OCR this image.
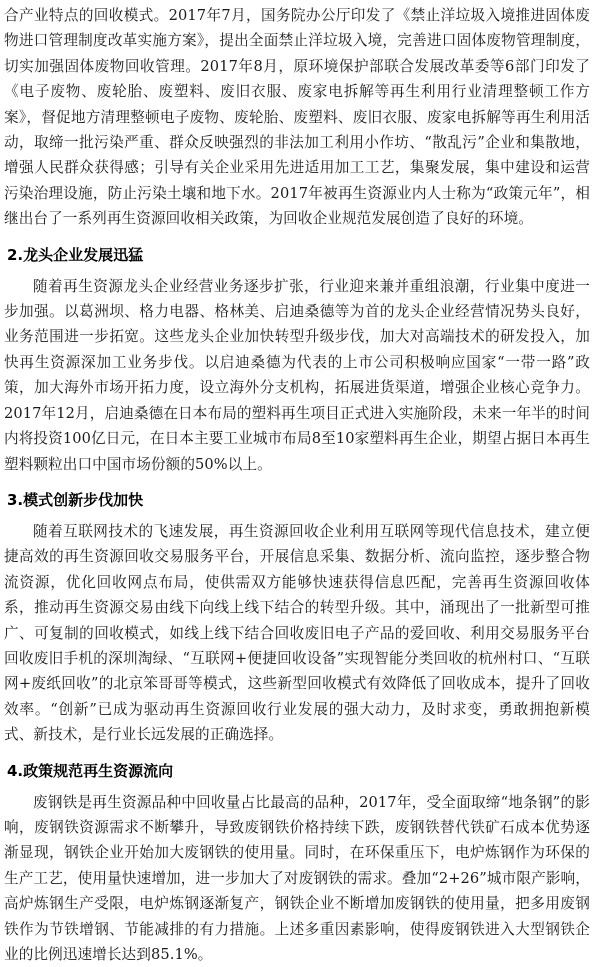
合产业特点的回收模式。2017年7月，国务院办公厅印发了《禁止洋垃圾入境推进固体废物进口管理制度改革实施方案》，提出全面禁止洋垃圾入境，完善进口固体废物管理制度，切实加强固体废物回收管理。2017年8月，原环境保护部联合发展改革委等6部门印发了《电子废物、废轮胎、废塑料、废旧衣服、废家电拆解等再生利用行业清理整顿工作方案》，督促地方清理整顿电子废物、废轮胎、废塑料、废旧衣服、废家电拆解等再生利用活动，取缔一批污染严重、群众反映强烈的非法加工利用小作坊、“散乱污”企业和集散地，增强人民群众获得感；引导有关企业采用先进适用加工工艺，集聚发展，集中建设和运营污染治理设施，防止污染土壤和地下水。2017年被再生资源业内人士称为“政策元年”，相继出台了一系列再生资源回收相关政策，为回收企业规范发展创造了良好的环境。

2.龙头企业发展迅猛

随着再生资源龙头企业经营业务逐步扩张，行业迎来兼并重组浪潮，行业集中度进一步加强。以葛洲坝、格力电器、格林美、启迪桑德等为首的龙头企业经营情况势头良好，业务范围进一步拓宽。这些龙头企业加快转型升级步伐，加大对高端技术的研发投入，加快再生资源深加工业务步伐。以启迪桑德为代表的上市公司积极响应国家“一带一路”政策，加大海外市场开拓力度，设立海外分支机构，拓展进货渠道，增强企业核心竞争力。2017年12月，启迪桑德在日本布局的塑料再生项目正式进入实施阶段，未来一年半的时间内将投资100亿日元，在日本主要工业城市布局8至10家塑料再生企业，期望占据日本再生塑料颗粒出口中国市场份额的50%以上。

3.模式创新步伐加快

随着互联网技术的飞速发展，再生资源回收企业利用互联网等现代信息技术，建立便捷高效的再生资源回收交易服务平台，开展信息采集、数据分析、流向监控，逐步整合物流资源，优化回收网点布局，使供需双方能够快速获得信息匹配，完善再生资源回收体系，推动再生资源交易由线下向线上线下结合的转型升级。其中，涌现出了一批新型可推广、可复制的回收模式，如线上线下结合回收废旧电子产品的爱回收、利用交易服务平台回收废旧手机的深圳淘绿、“互联网+便捷回收设备”实现智能分类回收的杭州村口、“互联网+废纸回收”的北京笨哥哥等模式，这些新型回收模式有效降低了回收成本，提升了回收效率。“创新”已成为驱动再生资源回收行业发展的强大动力，及时求变，勇敢拥抱新模式、新技术，是行业长远发展的正确选择。

4.政策规范再生资源流向

废钢铁是再生资源品种中回收量占比最高的品种，2017年，受全面取缔“地条钢”的影响，废钢铁资源需求不断攀升，导致废钢铁价格持续下跌，废钢铁替代铁矿石成本优势逐渐显现，钢铁企业开始加大废钢铁的使用量。同时，在环保重压下，电炉炼钢作为环保的生产工艺，使用量快速增加，进一步加大了对废钢铁的需求。叠加“2+26”城市限产影响，高炉炼钢生产受限，电炉炼钢逐渐复产，钢铁企业不断增加废钢铁的使用量，把多用废钢铁作为节铁增钢、节能减排的有力措施。上述多重因素影响，使得废钢铁进入大型钢铁企业的比例迅速增长达到85.1%。
